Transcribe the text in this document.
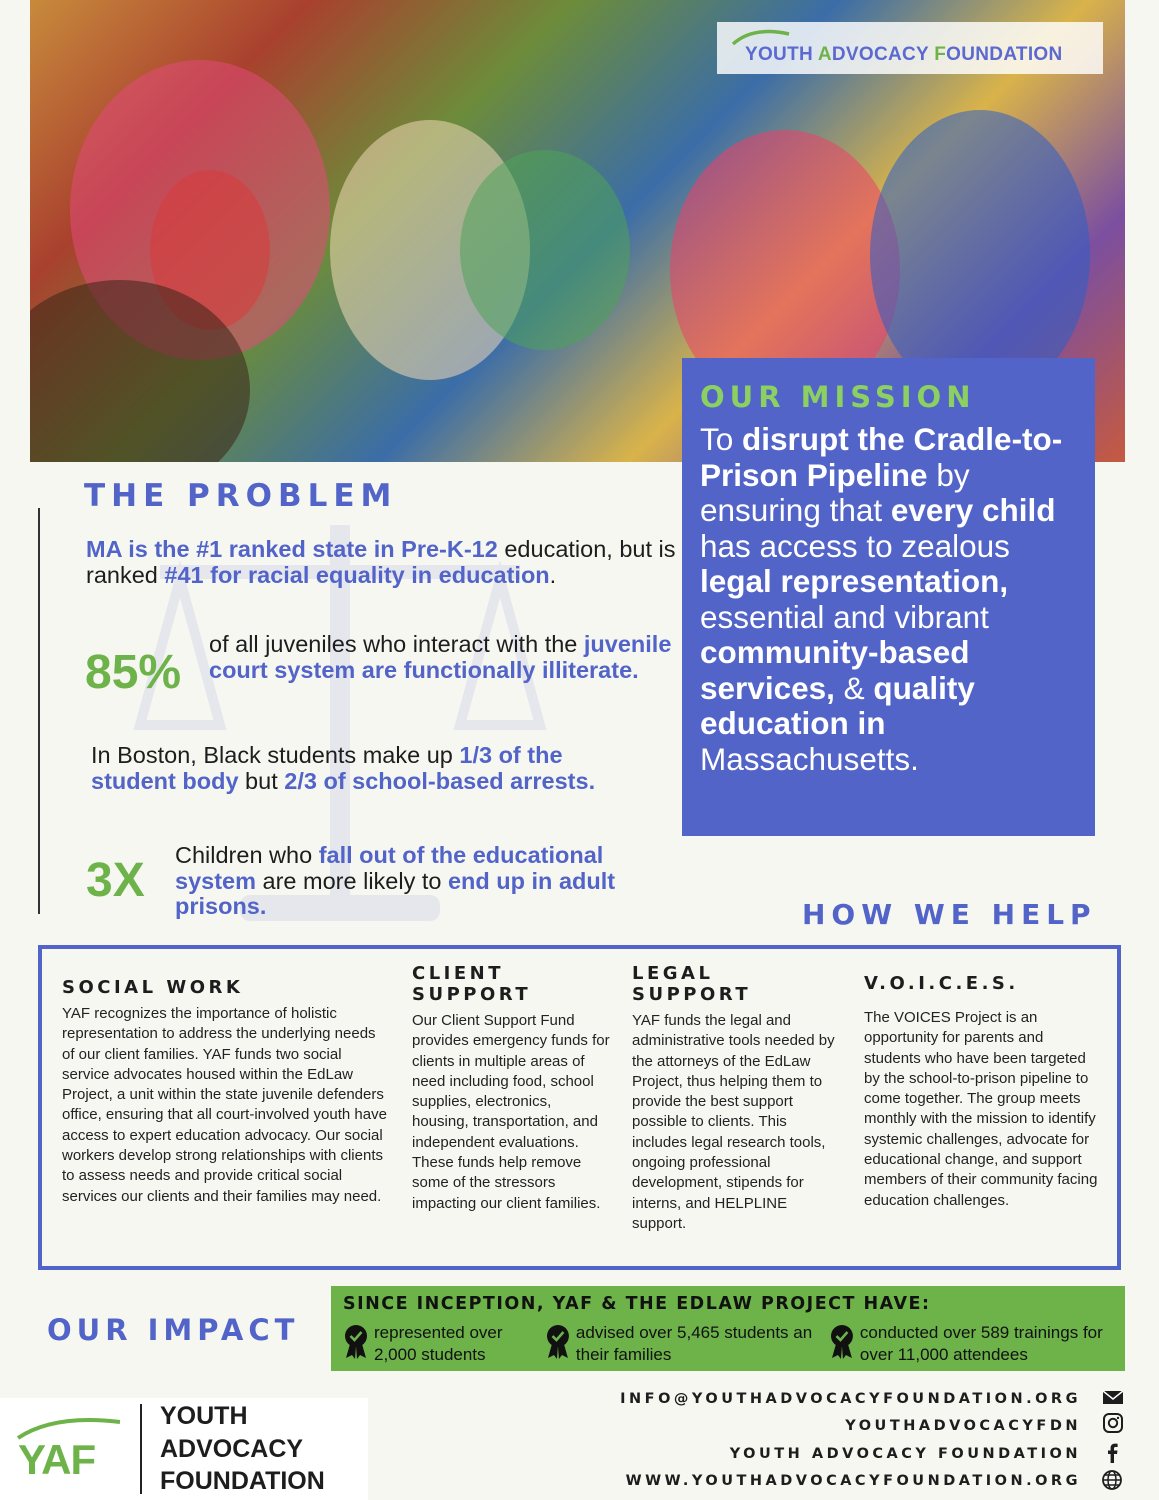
YOUTH ADVOCACY FOUNDATION
OUR MISSION

To disrupt the Cradle-to-Prison Pipeline by ensuring that every child has access to zealous legal representation, essential and vibrant community-based services, & quality education in Massachusetts.

THE PROBLEM
MA is the #1 ranked state in Pre-K-12 education, but is ranked #41 for racial equality in education.
85%
of all juveniles who interact with the juvenile court system are functionally illiterate.
In Boston, Black students make up 1/3 of the student body but 2/3 of school-based arrests.
3X Children who fall out of the educational system are more likely to end up in adult prisons.	HOW WE HELP
SOCIAL WORK

YAF recognizes the importance of holistic representation to address the underlying needs of our client families. YAF funds two social service advocates housed within the EdLaw Project, a unit within the state juvenile defenders office, ensuring that all court-involved youth have access to expert education advocacy. Our social workers develop strong relationships with clients to assess needs and provide critical social services our clients and their families may need.

CLIENT SUPPORT

Our Client Support Fund provides emergency funds for clients in multiple areas of need including food, school supplies, electronics, housing, transportation, and independent evaluations. These funds help remove some of the stressors impacting our client families.

LEGAL SUPPORT

YAF funds the legal and administrative tools needed by the attorneys of the EdLaw Project, thus helping them to provide the best support possible to clients. This includes legal research tools, ongoing professional development, stipends for interns, and HELPLINE support.

V.O.I.C.E.S.

The VOICES Project is an opportunity for parents and students who have been targeted by the school-to-prison pipeline to come together. The group meets monthly with the mission to identify systemic challenges, advocate for educational change, and support members of their community facing education challenges.

OUR IMPACT
SINCE INCEPTION, YAF & THE EDLAW PROJECT HAVE:
represented over 2,000 students
advised over 5,465 students an their families
conducted over 589 trainings for over 11,000 attendees
YAF
YOUTH
ADVOCACY
FOUNDATION
INFO@YOUTHADVOCACYFOUNDATION.ORG
YOUTHADVOCACYFDN
YOUTH ADVOCACY FOUNDATION
WWW.YOUTHADVOCACYFOUNDATION.ORG
